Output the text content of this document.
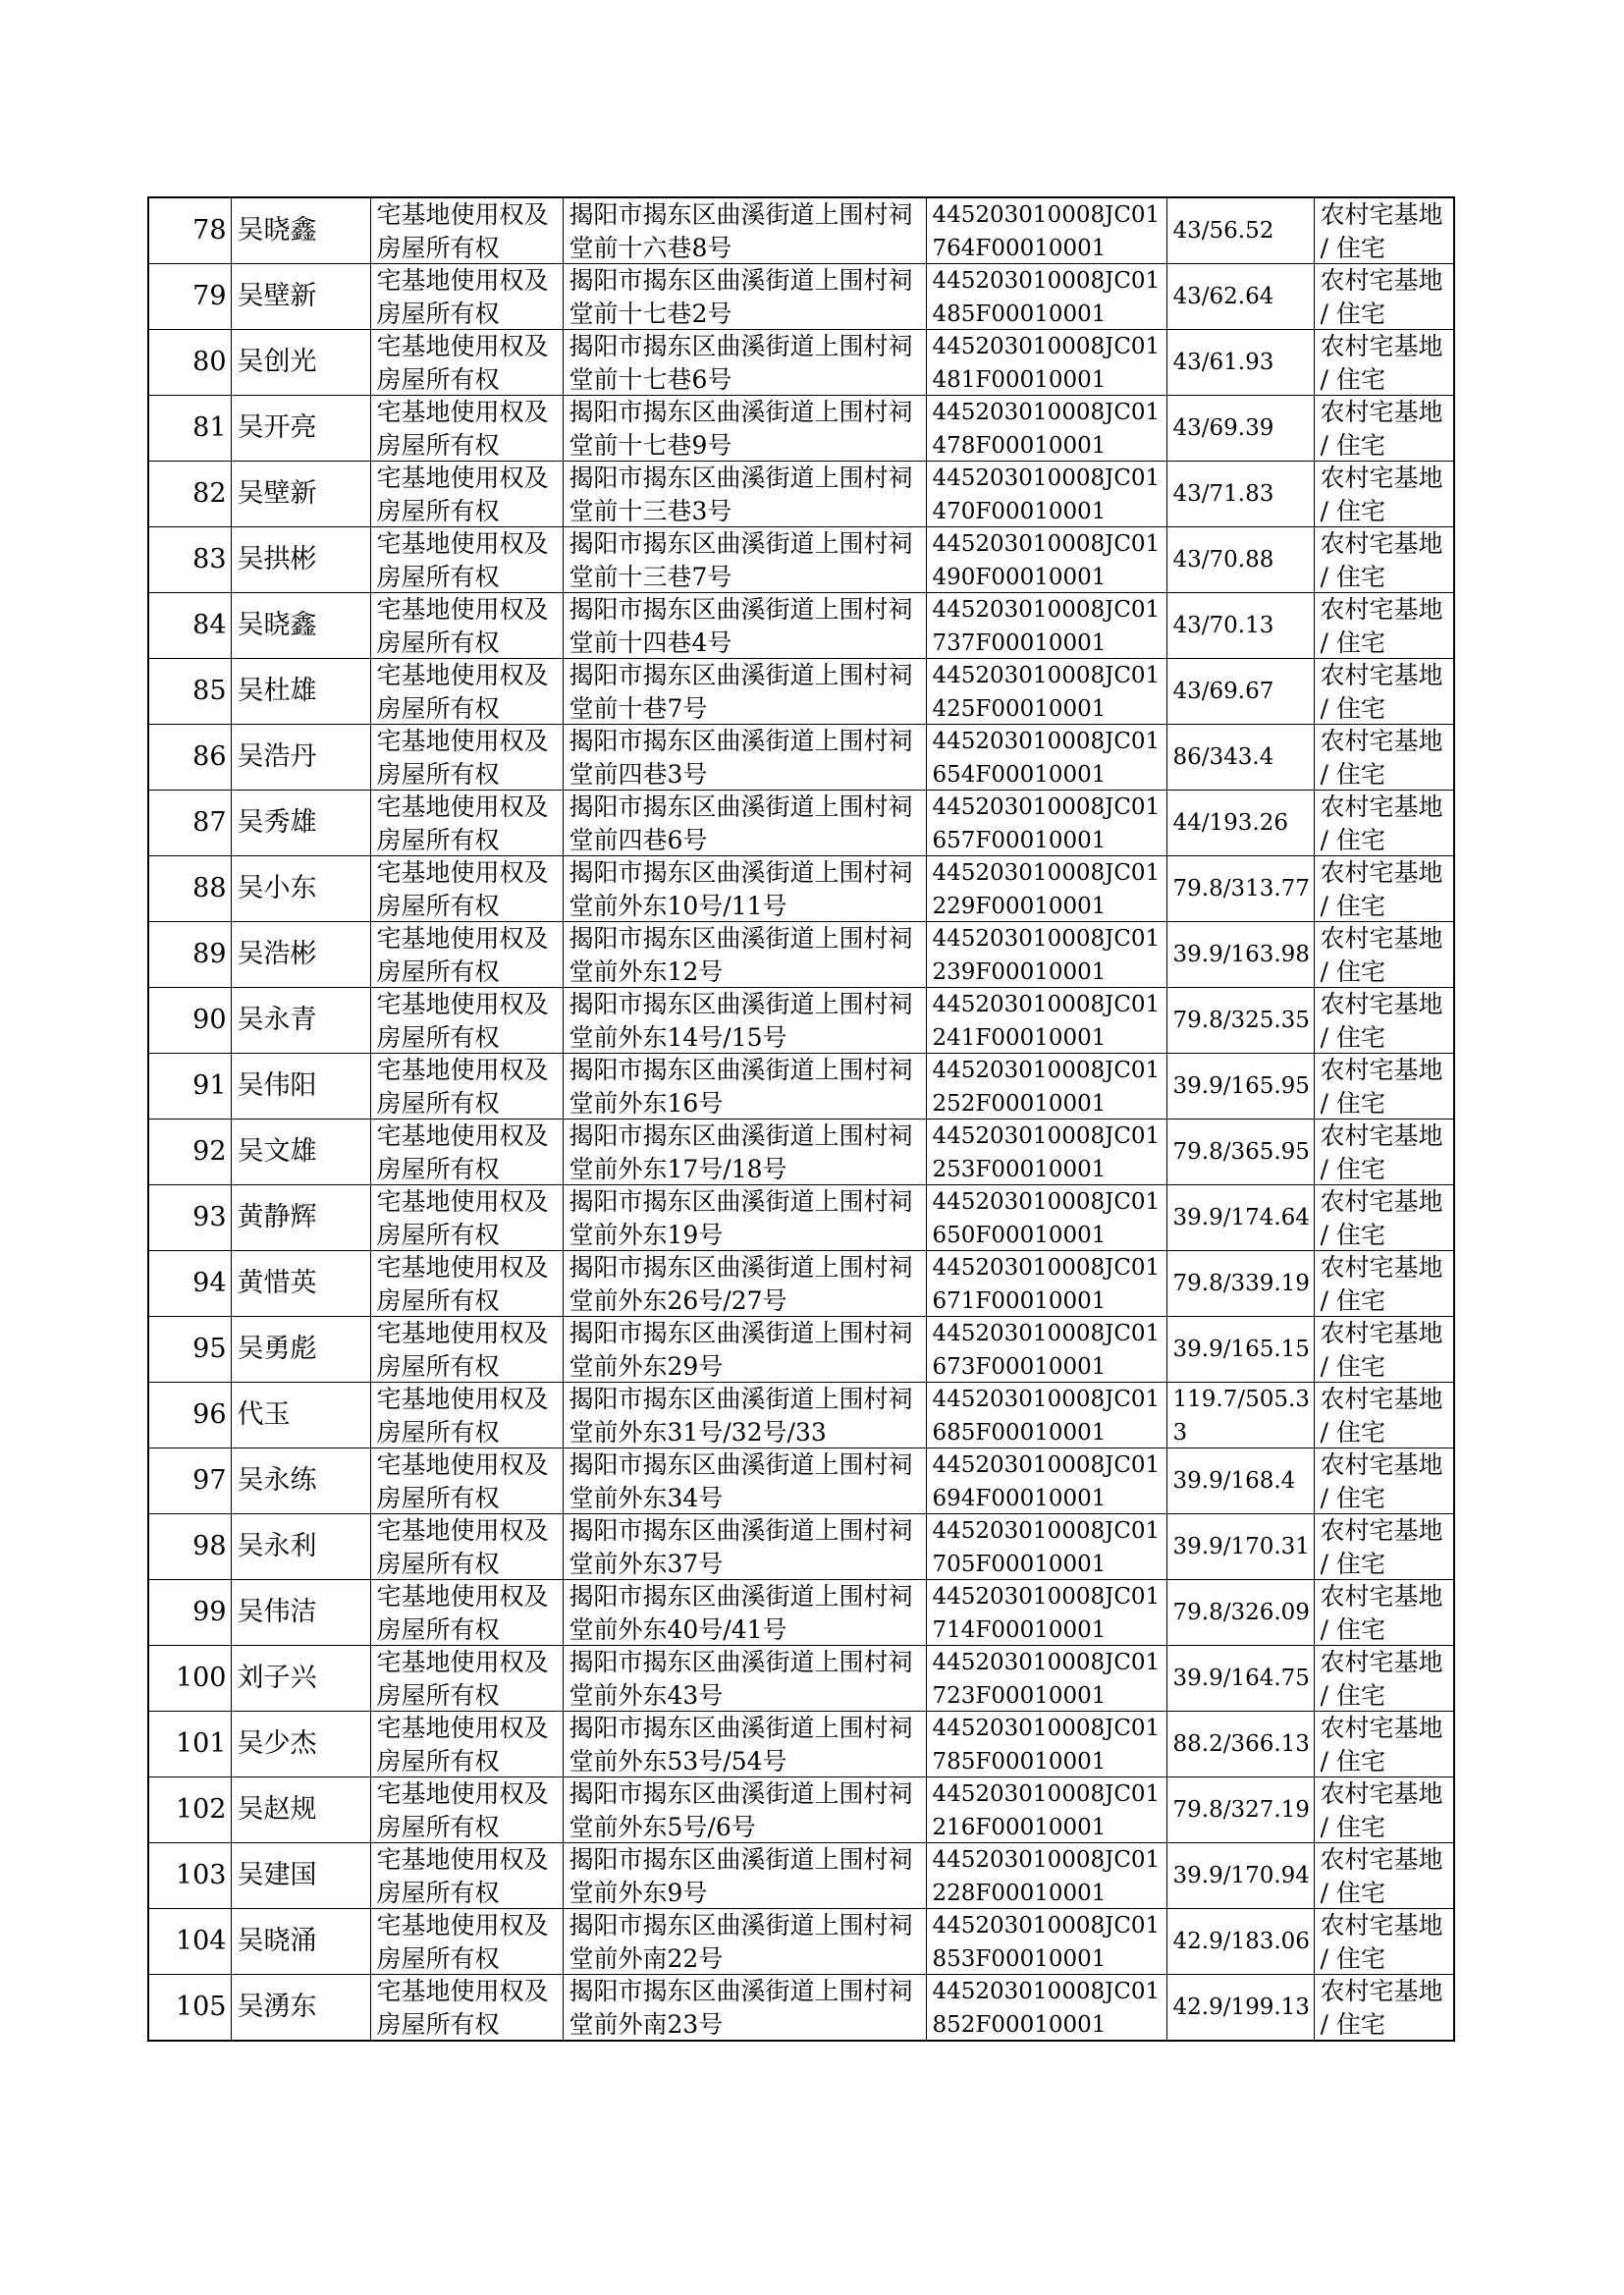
78	吴晓鑫	宅基地使用权及房屋所有权	揭阳市揭东区曲溪街道上围村祠堂前十六巷8号	445203010008JC01764F00010001	43/56.52	农村宅基地 / 住宅

79	吴壁新	宅基地使用权及房屋所有权	揭阳市揭东区曲溪街道上围村祠堂前十七巷2号	445203010008JC01485F00010001	43/62.64	农村宅基地 / 住宅

80	吴创光	宅基地使用权及房屋所有权	揭阳市揭东区曲溪街道上围村祠堂前十七巷6号	445203010008JC01481F00010001	43/61.93	农村宅基地 / 住宅

81	吴开亮	宅基地使用权及房屋所有权	揭阳市揭东区曲溪街道上围村祠堂前十七巷9号	445203010008JC01478F00010001	43/69.39	农村宅基地 / 住宅

82	吴壁新	宅基地使用权及房屋所有权	揭阳市揭东区曲溪街道上围村祠堂前十三巷3号	445203010008JC01470F00010001	43/71.83	农村宅基地 / 住宅

83	吴拱彬	宅基地使用权及房屋所有权	揭阳市揭东区曲溪街道上围村祠堂前十三巷7号	445203010008JC01490F00010001	43/70.88	农村宅基地 / 住宅

84	吴晓鑫	宅基地使用权及房屋所有权	揭阳市揭东区曲溪街道上围村祠堂前十四巷4号	445203010008JC01737F00010001	43/70.13	农村宅基地 / 住宅

85	吴杜雄	宅基地使用权及房屋所有权	揭阳市揭东区曲溪街道上围村祠堂前十巷7号	445203010008JC01425F00010001	43/69.67	农村宅基地 / 住宅

86	吴浩丹	宅基地使用权及房屋所有权	揭阳市揭东区曲溪街道上围村祠堂前四巷3号	445203010008JC01654F00010001	86/343.4	农村宅基地 / 住宅

87	吴秀雄	宅基地使用权及房屋所有权	揭阳市揭东区曲溪街道上围村祠堂前四巷6号	445203010008JC01657F00010001	44/193.26	农村宅基地 / 住宅

88	吴小东	宅基地使用权及房屋所有权	揭阳市揭东区曲溪街道上围村祠堂前外东10号/11号	445203010008JC01229F00010001	79.8/313.77	农村宅基地 / 住宅

89	吴浩彬	宅基地使用权及房屋所有权	揭阳市揭东区曲溪街道上围村祠堂前外东12号	445203010008JC01239F00010001	39.9/163.98	农村宅基地 / 住宅

90	吴永青	宅基地使用权及房屋所有权	揭阳市揭东区曲溪街道上围村祠堂前外东14号/15号	445203010008JC01241F00010001	79.8/325.35	农村宅基地 / 住宅

91	吴伟阳	宅基地使用权及房屋所有权	揭阳市揭东区曲溪街道上围村祠堂前外东16号	445203010008JC01252F00010001	39.9/165.95	农村宅基地 / 住宅

92	吴文雄	宅基地使用权及房屋所有权	揭阳市揭东区曲溪街道上围村祠堂前外东17号/18号	445203010008JC01253F00010001	79.8/365.95	农村宅基地 / 住宅

93	黄静辉	宅基地使用权及房屋所有权	揭阳市揭东区曲溪街道上围村祠堂前外东19号	445203010008JC01650F00010001	39.9/174.64	农村宅基地 / 住宅

94	黄惜英	宅基地使用权及房屋所有权	揭阳市揭东区曲溪街道上围村祠堂前外东26号/27号	445203010008JC01671F00010001	79.8/339.19	农村宅基地 / 住宅

95	吴勇彪	宅基地使用权及房屋所有权	揭阳市揭东区曲溪街道上围村祠堂前外东29号	445203010008JC01673F00010001	39.9/165.15	农村宅基地 / 住宅

96	代玉	宅基地使用权及房屋所有权	揭阳市揭东区曲溪街道上围村祠堂前外东31号/32号/33	445203010008JC01685F00010001	119.7/505.33	农村宅基地 / 住宅

97	吴永练	宅基地使用权及房屋所有权	揭阳市揭东区曲溪街道上围村祠堂前外东34号	445203010008JC01694F00010001	39.9/168.4	农村宅基地 / 住宅

98	吴永利	宅基地使用权及房屋所有权	揭阳市揭东区曲溪街道上围村祠堂前外东37号	445203010008JC01705F00010001	39.9/170.31	农村宅基地 / 住宅

99	吴伟洁	宅基地使用权及房屋所有权	揭阳市揭东区曲溪街道上围村祠堂前外东40号/41号	445203010008JC01714F00010001	79.8/326.09	农村宅基地 / 住宅

100	刘子兴	宅基地使用权及房屋所有权	揭阳市揭东区曲溪街道上围村祠堂前外东43号	445203010008JC01723F00010001	39.9/164.75	农村宅基地 / 住宅

101	吴少杰	宅基地使用权及房屋所有权	揭阳市揭东区曲溪街道上围村祠堂前外东53号/54号	445203010008JC01785F00010001	88.2/366.13	农村宅基地 / 住宅

102	吴赵规	宅基地使用权及房屋所有权	揭阳市揭东区曲溪街道上围村祠堂前外东5号/6号	445203010008JC01216F00010001	79.8/327.19	农村宅基地 / 住宅

103	吴建国	宅基地使用权及房屋所有权	揭阳市揭东区曲溪街道上围村祠堂前外东9号	445203010008JC01228F00010001	39.9/170.94	农村宅基地 / 住宅

104	吴晓涌	宅基地使用权及房屋所有权	揭阳市揭东区曲溪街道上围村祠堂前外南22号	445203010008JC01853F00010001	42.9/183.06	农村宅基地 / 住宅

105	吴湧东	宅基地使用权及房屋所有权	揭阳市揭东区曲溪街道上围村祠堂前外南23号	445203010008JC01852F00010001	42.9/199.13	农村宅基地 / 住宅
